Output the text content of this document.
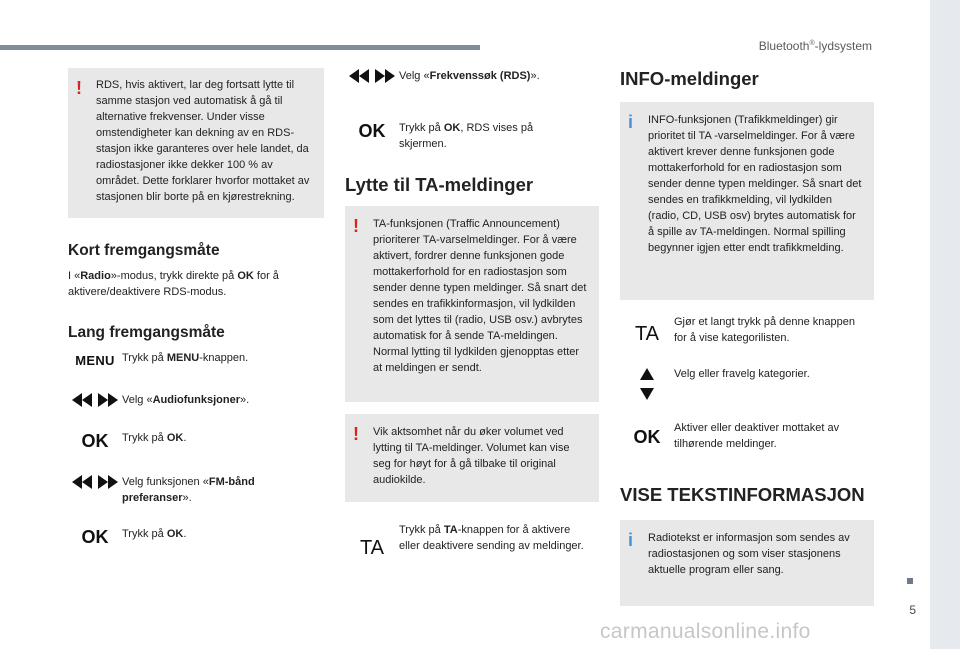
Bluetooth®-lydsystem
5
carmanualsonline.info
! RDS, hvis aktivert, lar deg fortsatt lytte til samme stasjon ved automatisk å gå til alternative frekvenser. Under visse omstendigheter kan dekning av en RDS-stasjon ikke garanteres over hele landet, da radiostasjoner ikke dekker 100 % av området. Dette forklarer hvorfor mottaket av stasjonen blir borte på en kjørestrekning.
Kort fremgangsmåte

I «Radio»-modus, trykk direkte på OK for å aktivere/deaktivere RDS-modus.

Lang fremgangsmåte
MENU Trykk på MENU-knappen.
Velg «Audiofunksjoner».
OK	Trykk på OK.
Velg funksjonen «FM-bånd preferanser».
OK	Trykk på OK.
Velg «Frekvenssøk (RDS)».
OK	Trykk på OK, RDS vises på skjermen.
Lytte til TA-meldinger
! TA-funksjonen (Traffic Announcement) prioriterer TA-varselmeldinger. For å være aktivert, fordrer denne funksjonen gode mottakerforhold for en radiostasjon som sender denne typen meldinger. Så snart det sendes en trafikkinformasjon, vil lydkilden som det lyttes til (radio, USB osv.) avbrytes automatisk for å sende TA-meldingen. Normal lytting til lydkilden gjenopptas etter at meldingen er sendt.
! Vik aktsomhet når du øker volumet ved lytting til TA-meldinger. Volumet kan vise seg for høyt for å gå tilbake til original audiokilde.
TA
Trykk på TA-knappen for å aktivere eller deaktivere sending av meldinger.
INFO-meldinger
i INFO-funksjonen (Trafikkmeldinger) gir prioritet til TA -varselmeldinger. For å være aktivert krever denne funksjonen gode mottakerforhold for en radiostasjon som sender denne typen meldinger. Så snart det sendes en trafikkmelding, vil lydkilden (radio, CD, USB osv) brytes automatisk for å spille av TA-meldingen. Normal spilling begynner igjen etter endt trafikkmelding.
TA
Gjør et langt trykk på denne knappen for å vise kategorilisten.
Velg eller fravelg kategorier.
OK	Aktiver eller deaktiver mottaket av tilhørende meldinger.
VISE TEKSTINFORMASJON
i Radiotekst er informasjon som sendes av radiostasjonen og som viser stasjonens aktuelle program eller sang.
